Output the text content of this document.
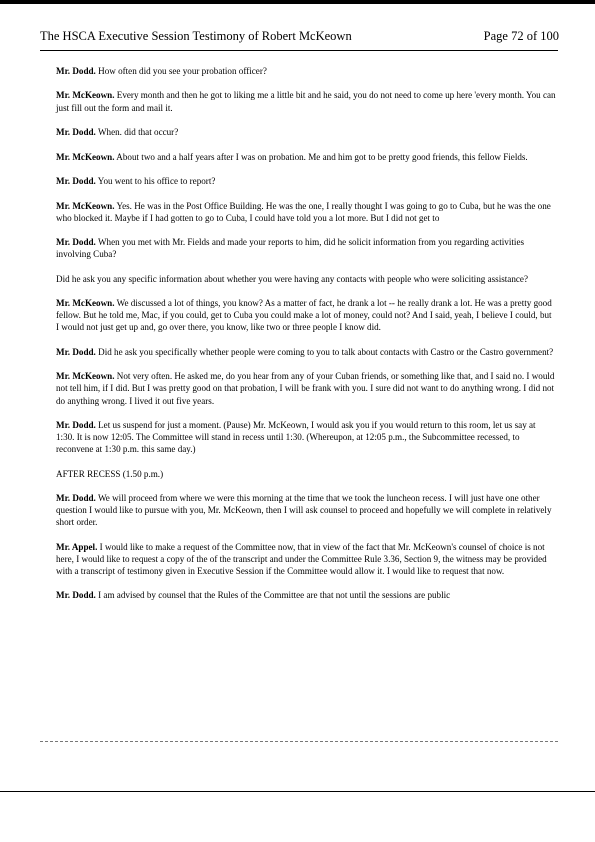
The HSCA Executive Session Testimony of Robert McKeown	Page 72 of 100

Mr. Dodd. How often did you see your probation officer?

Mr. McKeown. Every month and then he got to liking me a little bit and he said, you do not need to come up here 'every month. You can just fill out the form and mail it.

Mr. Dodd. When. did that occur?

Mr. McKeown. About two and a half years after I was on probation. Me and him got to be pretty good friends, this fellow Fields.

Mr. Dodd. You went to his office to report?

Mr. McKeown. Yes. He was in the Post Office Building. He was the one, I really thought I was going to go to Cuba, but he was the one who blocked it. Maybe if I had gotten to go to Cuba, I could have told you a lot more. But I did not get to

Mr. Dodd. When you met with Mr. Fields and made your reports to him, did he solicit information from you regarding activities involving Cuba?

Did he ask you any specific information about whether you were having any contacts with people who were soliciting assistance?

Mr. McKeown. We discussed a lot of things, you know? As a matter of fact, he drank a lot -- he really drank a lot. He was a pretty good fellow. But he told me, Mac, if you could, get to Cuba you could make a lot of money, could not? And I said, yeah, I believe I could, but I would not just get up and, go over there, you know, like two or three people I know did.

Mr. Dodd. Did he ask you specifically whether people were coming to you to talk about contacts with Castro or the Castro government?

Mr. McKeown. Not very often. He asked me, do you hear from any of your Cuban friends, or something like that, and I said no. I would not tell him, if I did. But I was pretty good on that probation, I will be frank with you. I sure did not want to do anything wrong. I did not do anything wrong. I lived it out five years.

Mr. Dodd. Let us suspend for just a moment. (Pause) Mr. McKeown, I would ask you if you would return to this room, let us say at 1:30. It is now 12:05. The Committee will stand in recess until 1:30. (Whereupon, at 12:05 p.m., the Subcommittee recessed, to reconvene at 1:30 p.m. this same day.)

AFTER RECESS (1.50 p.m.)

Mr. Dodd. We will proceed from where we were this morning at the time that we took the luncheon recess. I will just have one other question I would like to pursue with you, Mr. McKeown, then I will ask counsel to proceed and hopefully we will complete in relatively short order.

Mr. Appel. I would like to make a request of the Committee now, that in view of the fact that Mr. McKeown's counsel of choice is not here, I would like to request a copy of the of the transcript and under the Committee Rule 3.36, Section 9, the witness may be provided with a transcript of testimony given in Executive Session if the Committee would allow it. I would like to request that now.

Mr. Dodd. I am advised by counsel that the Rules of the Committee are that not until the sessions are public
